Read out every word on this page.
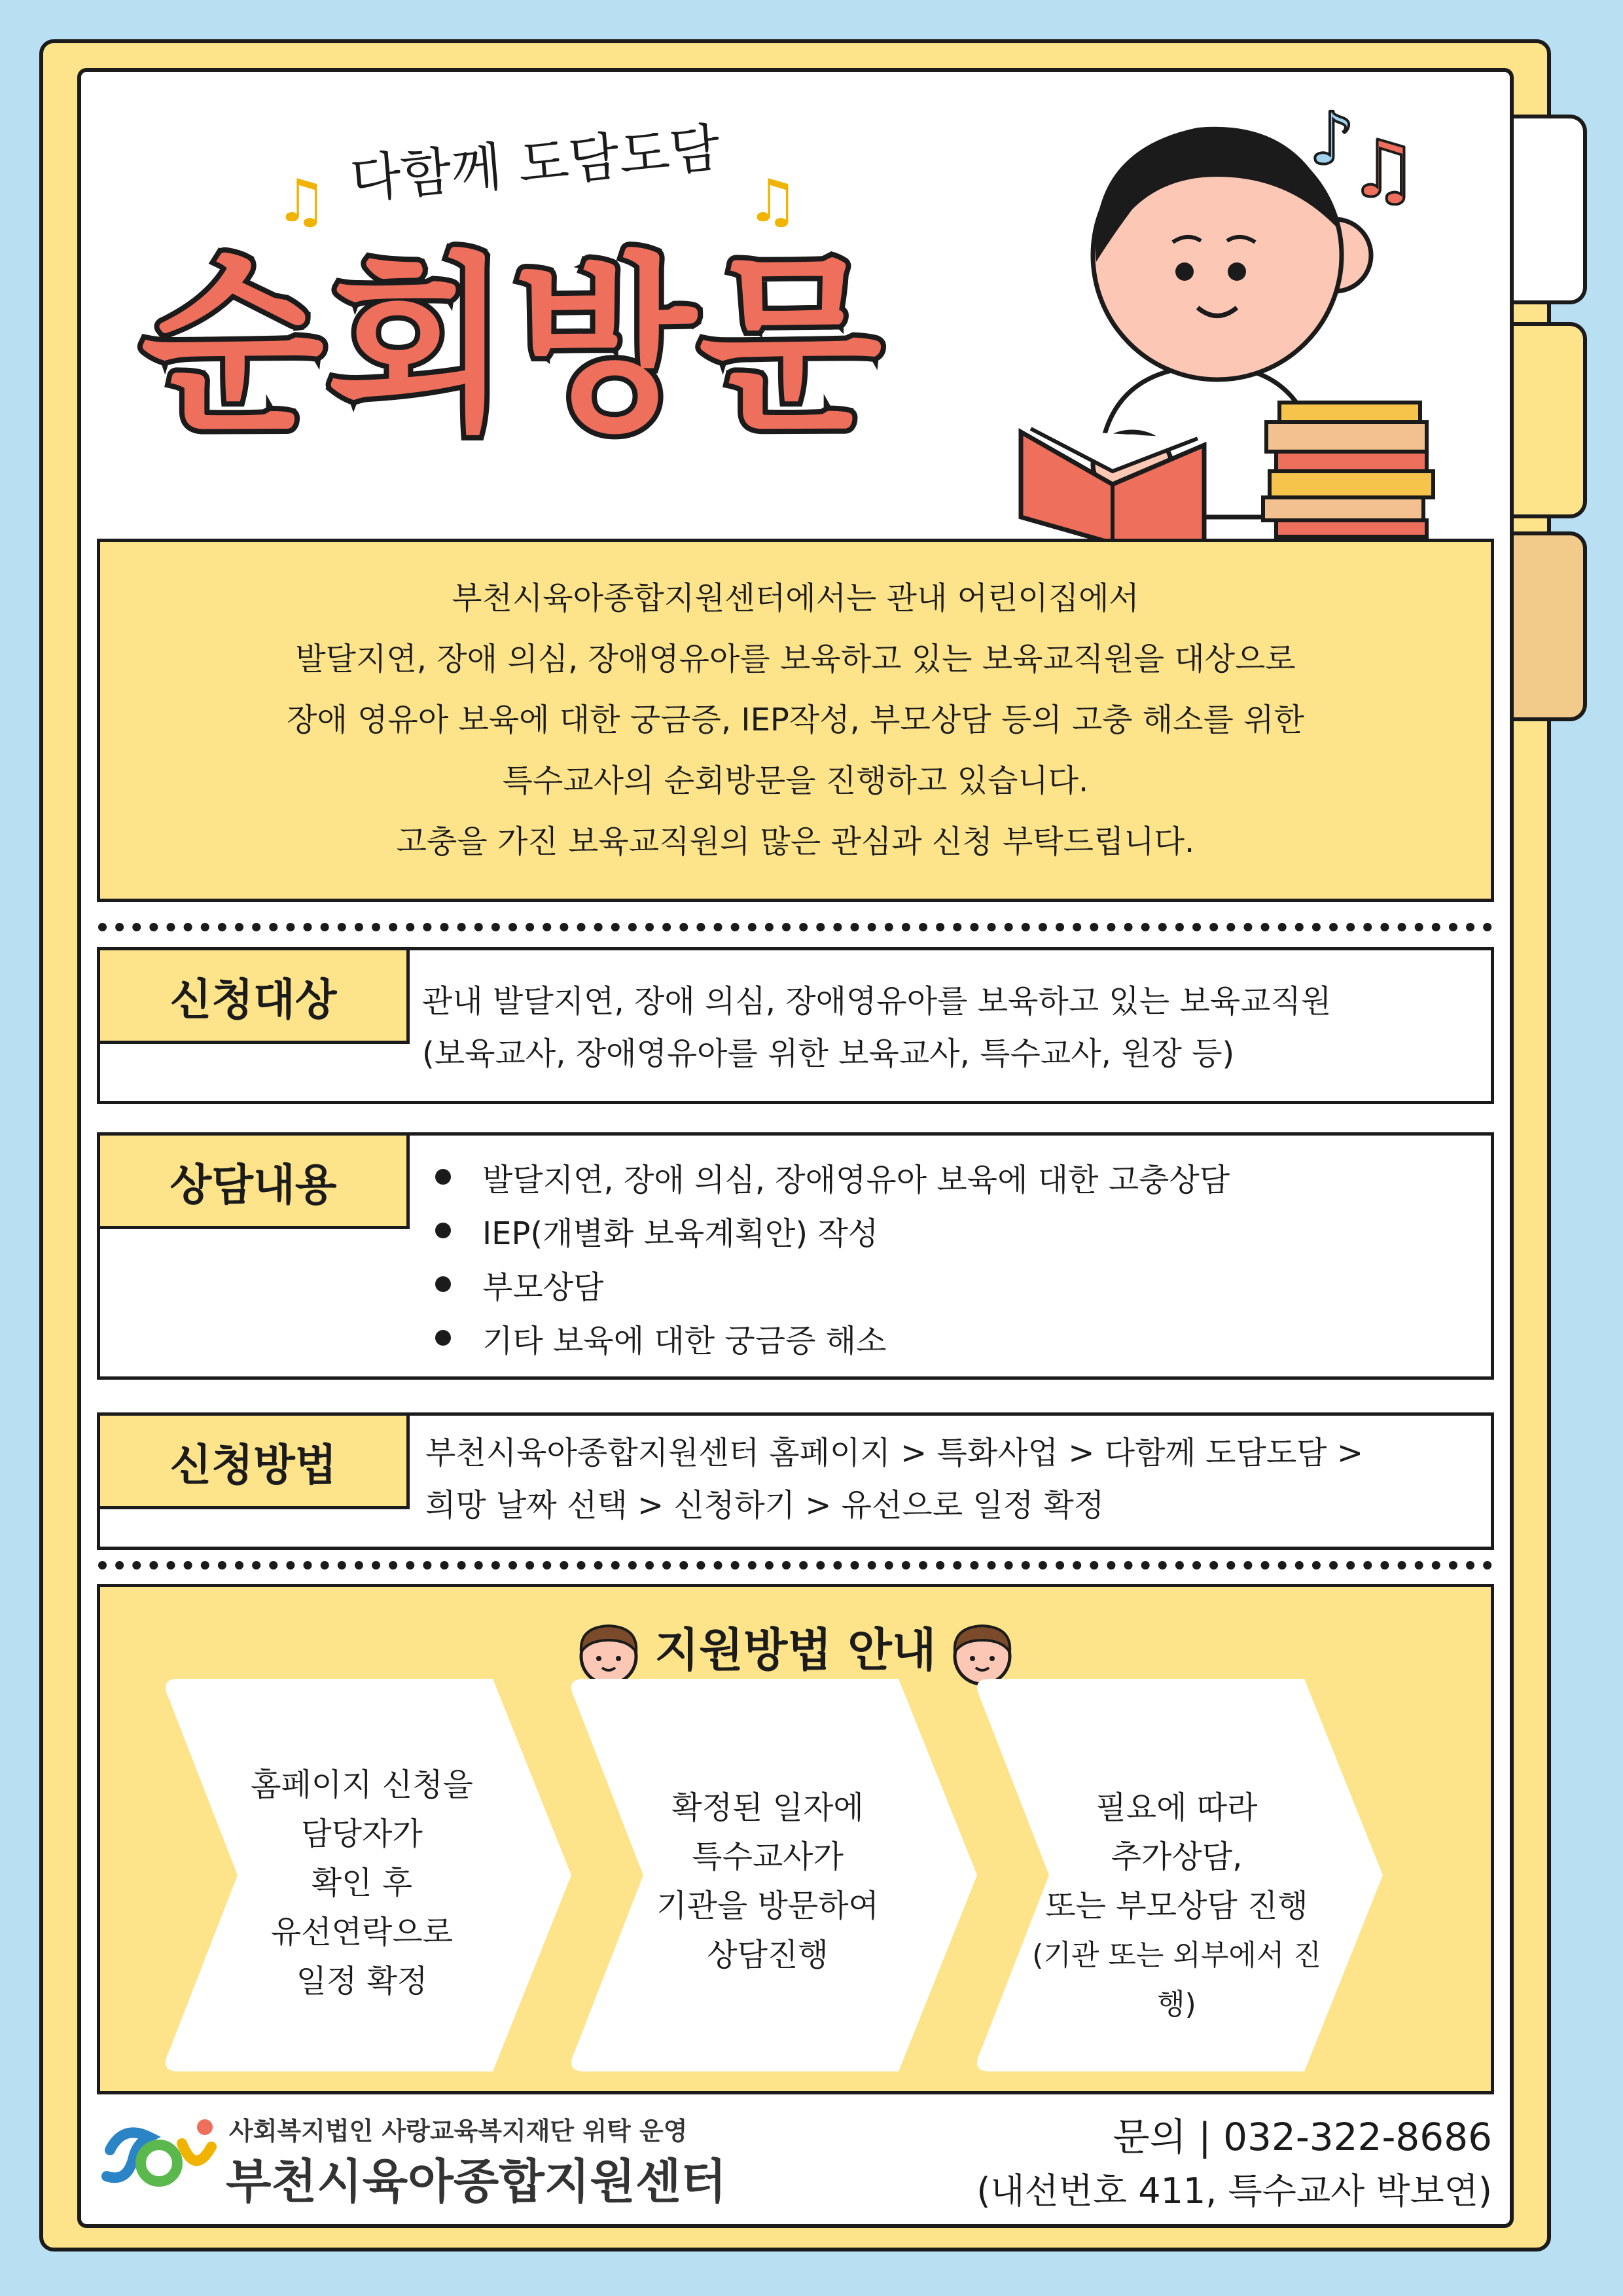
♫ 다함께 도담도담 ♫
순회방문
♪
♫
부천시육아종합지원센터에서는 관내 어린이집에서
발달지연, 장애 의심, 장애영유아를 보육하고 있는 보육교직원을 대상으로
장애 영유아 보육에 대한 궁금증, IEP작성, 부모상담 등의 고충 해소를 위한
특수교사의 순회방문을 진행하고 있습니다.
고충을 가진 보육교직원의 많은 관심과 신청 부탁드립니다.
신청대상	관내 발달지연, 장애 의심, 장애영유아를 보육하고 있는 보육교직원
(보육교사, 장애영유아를 위한 보육교사, 특수교사, 원장 등)
상담내용	발달지연, 장애 의심, 장애영유아 보육에 대한 고충상담
IEP(개별화 보육계획안) 작성
부모상담
기타 보육에 대한 궁금증 해소
신청방법	부천시육아종합지원센터 홈페이지 > 특화사업 > 다함께 도담도담 >
희망 날짜 선택 > 신청하기 > 유선으로 일정 확정
지원방법 안내
홈페이지 신청을
담당자가
확인 후
유선연락으로
일정 확정
확정된 일자에
특수교사가
기관을 방문하여
상담진행
필요에 따라
추가상담,
또는 부모상담 진행
(기관 또는 외부에서 진행)
사회복지법인 사랑교육복지재단 위탁 운영
부천시육아종합지원센터
문의 | 032-322-8686
(내선번호 411, 특수교사 박보연)
